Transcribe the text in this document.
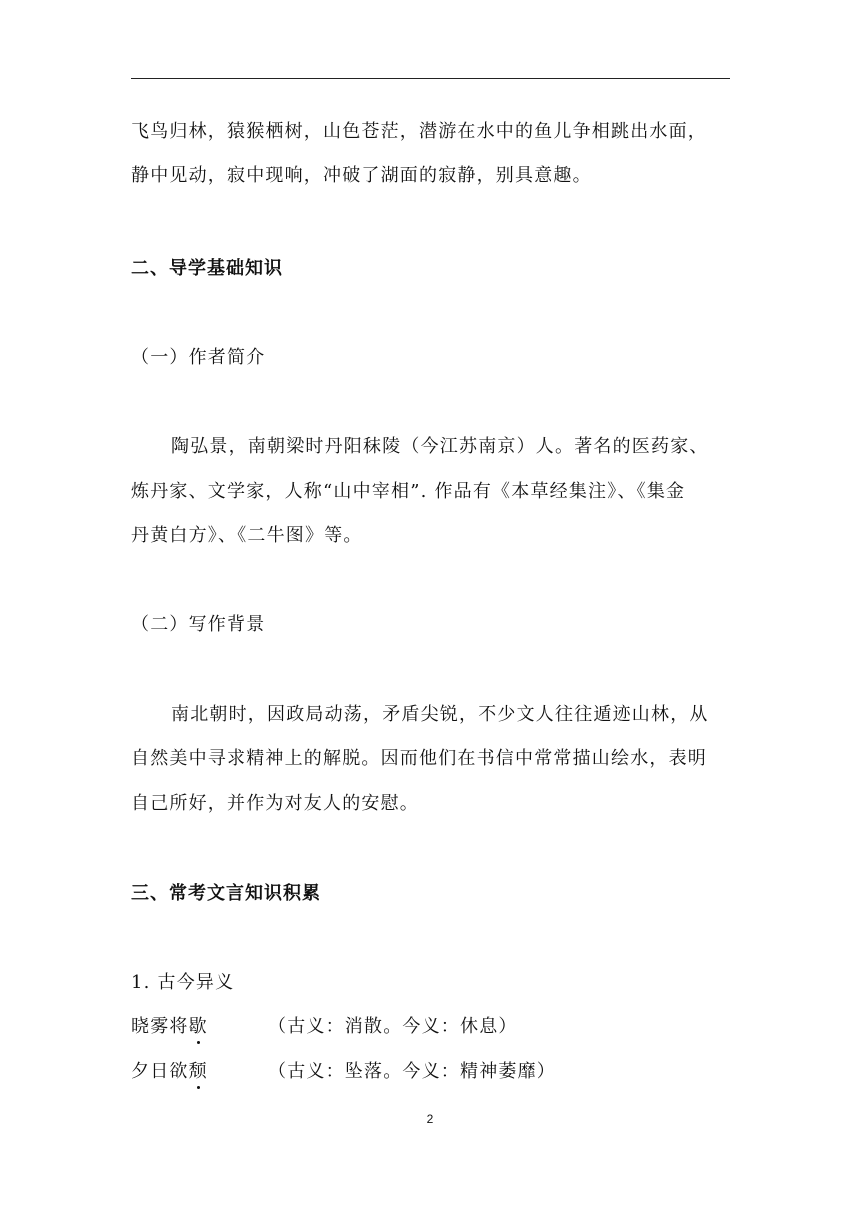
飞鸟归林，猿猴栖树，山色苍茫，潜游在水中的鱼儿争相跳出水面，
静中见动，寂中现响，冲破了湖面的寂静，别具意趣。
二、导学基础知识
（一）作者简介
陶弘景，南朝梁时丹阳秣陵（今江苏南京）人。著名的医药家、
炼丹家、文学家，人称“山中宰相”. 作品有《本草经集注》、《集金
丹黄白方》、《二牛图》等。
（二）写作背景
南北朝时，因政局动荡，矛盾尖锐，不少文人往往遁迹山林，从
自然美中寻求精神上的解脱。因而他们在书信中常常描山绘水，表明
自己所好，并作为对友人的安慰。
三、常考文言知识积累
1. 古今异义
晓雾将歇	（古义：消散。今义：休息）
夕日欲颓	（古义：坠落。今义：精神萎靡）
2
